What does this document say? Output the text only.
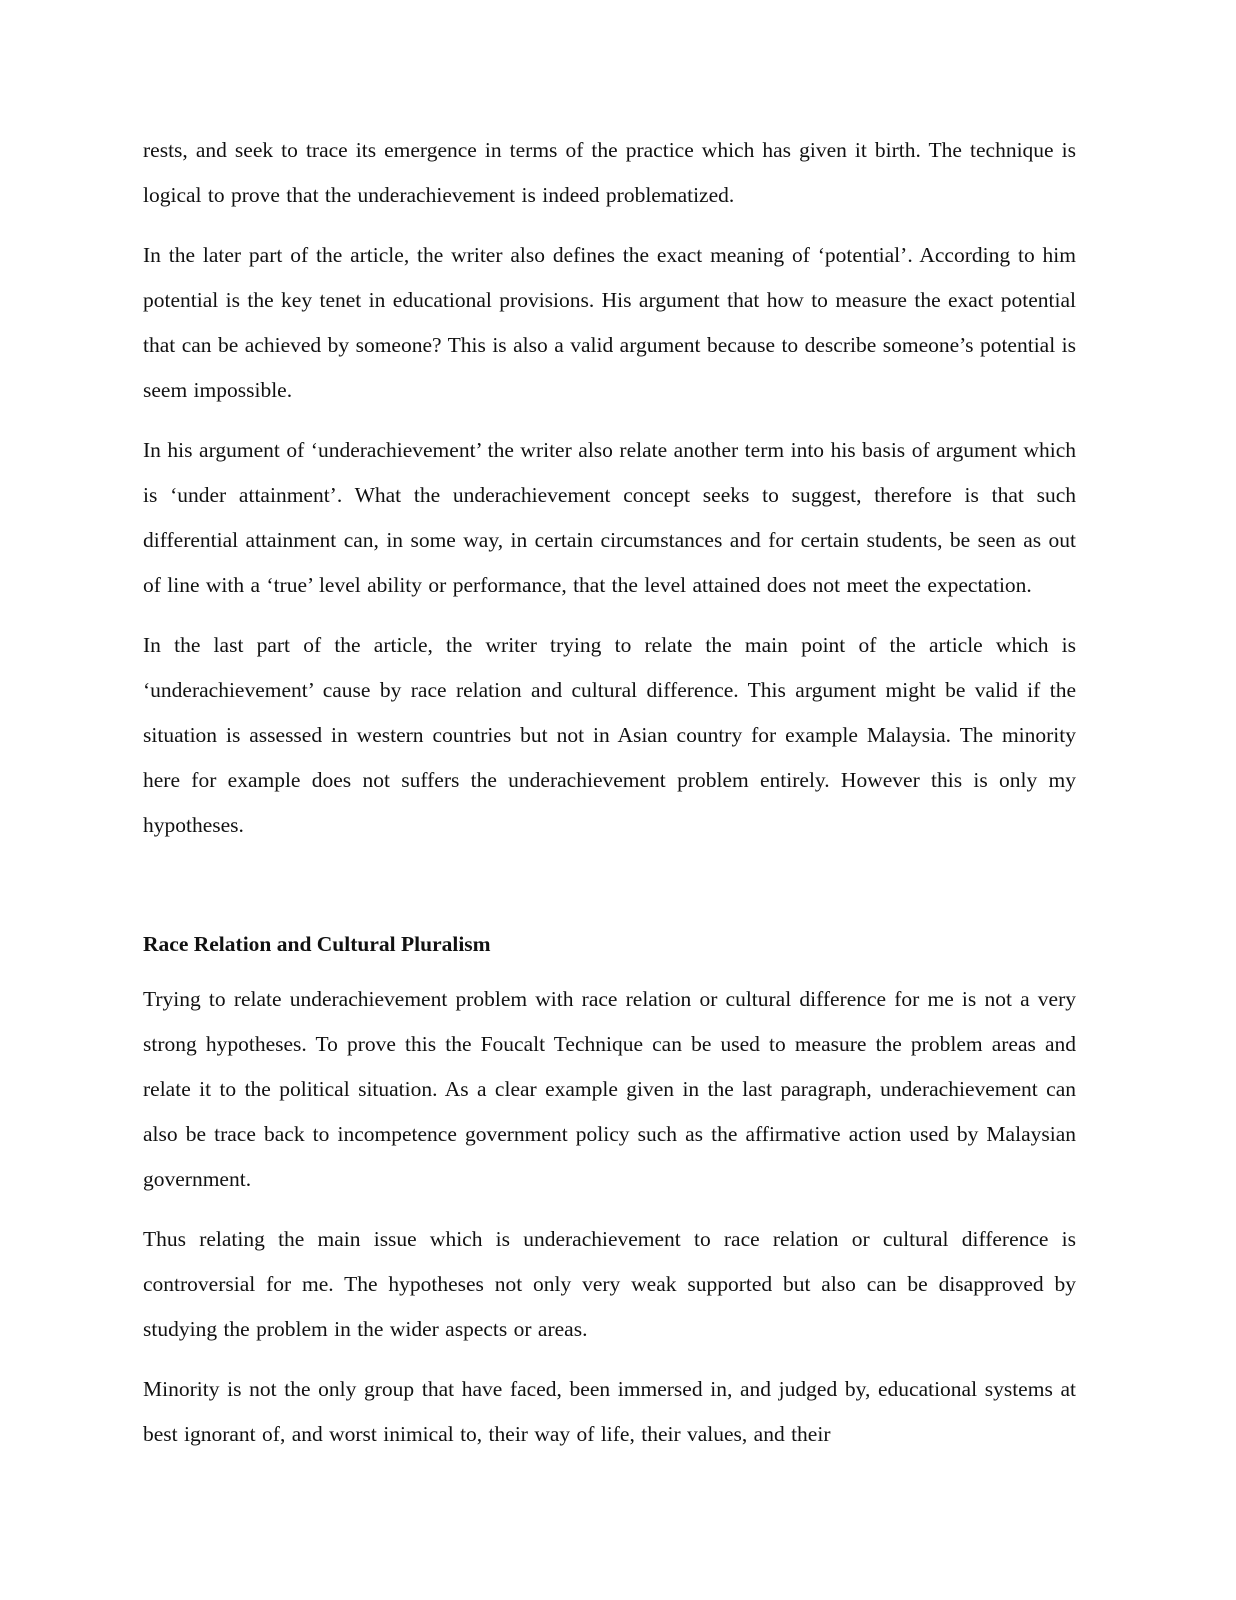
rests, and seek to trace its emergence in terms of the practice which has given it birth. The technique is logical to prove that the underachievement is indeed problematized.

In the later part of the article, the writer also defines the exact meaning of ‘potential’. According to him potential is the key tenet in educational provisions. His argument that how to measure the exact potential that can be achieved by someone? This is also a valid argument because to describe someone’s potential is seem impossible.

In his argument of ‘underachievement’ the writer also relate another term into his basis of argument which is ‘under attainment’. What the underachievement concept seeks to suggest, therefore is that such differential attainment can, in some way, in certain circumstances and for certain students, be seen as out of line with a ‘true’ level ability or performance, that the level attained does not meet the expectation.

In the last part of the article, the writer trying to relate the main point of the article which is ‘underachievement’ cause by race relation and cultural difference. This argument might be valid if the situation is assessed in western countries but not in Asian country for example Malaysia. The minority here for example does not suffers the underachievement problem entirely. However this is only my hypotheses.

Race Relation and Cultural Pluralism

Trying to relate underachievement problem with race relation or cultural difference for me is not a very strong hypotheses. To prove this the Foucalt Technique can be used to measure the problem areas and relate it to the political situation. As a clear example given in the last paragraph, underachievement can also be trace back to incompetence government policy such as the affirmative action used by Malaysian government.

Thus relating the main issue which is underachievement to race relation or cultural difference is controversial for me. The hypotheses not only very weak supported but also can be disapproved by studying the problem in the wider aspects or areas.

Minority is not the only group that have faced, been immersed in, and judged by, educational systems at best ignorant of, and worst inimical to, their way of life, their values, and their
